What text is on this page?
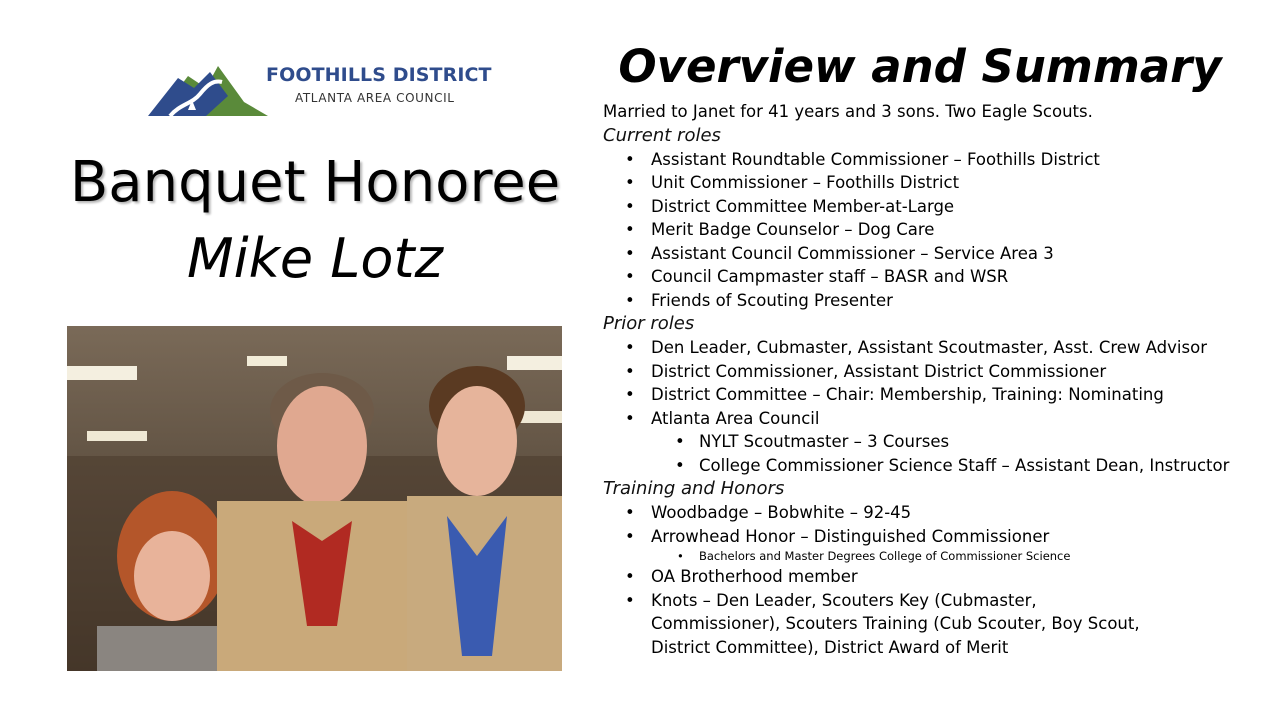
FOOTHILLS DISTRICT
ATLANTA AREA COUNCIL
Banquet Honoree
Mike Lotz
Overview and Summary
Married to Janet for 41 years and 3 sons. Two Eagle Scouts.
Current roles
• Assistant Roundtable Commissioner – Foothills District
• Unit Commissioner – Foothills District
• District Committee Member-at-Large
• Merit Badge Counselor – Dog Care
• Assistant Council Commissioner – Service Area 3
• Council Campmaster staff – BASR and WSR
• Friends of Scouting Presenter
Prior roles
• Den Leader, Cubmaster, Assistant Scoutmaster, Asst. Crew Advisor
• District Commissioner, Assistant District Commissioner
• District Committee – Chair: Membership, Training: Nominating
• Atlanta Area Council
• NYLT Scoutmaster – 3 Courses
• College Commissioner Science Staff – Assistant Dean, Instructor
Training and Honors
• Woodbadge – Bobwhite – 92-45
• Arrowhead Honor – Distinguished Commissioner
• Bachelors and Master Degrees College of Commissioner Science
• OA Brotherhood member
• Knots – Den Leader, Scouters Key (Cubmaster, Commissioner), Scouters Training (Cub Scouter, Boy Scout, District Committee), District Award of Merit
